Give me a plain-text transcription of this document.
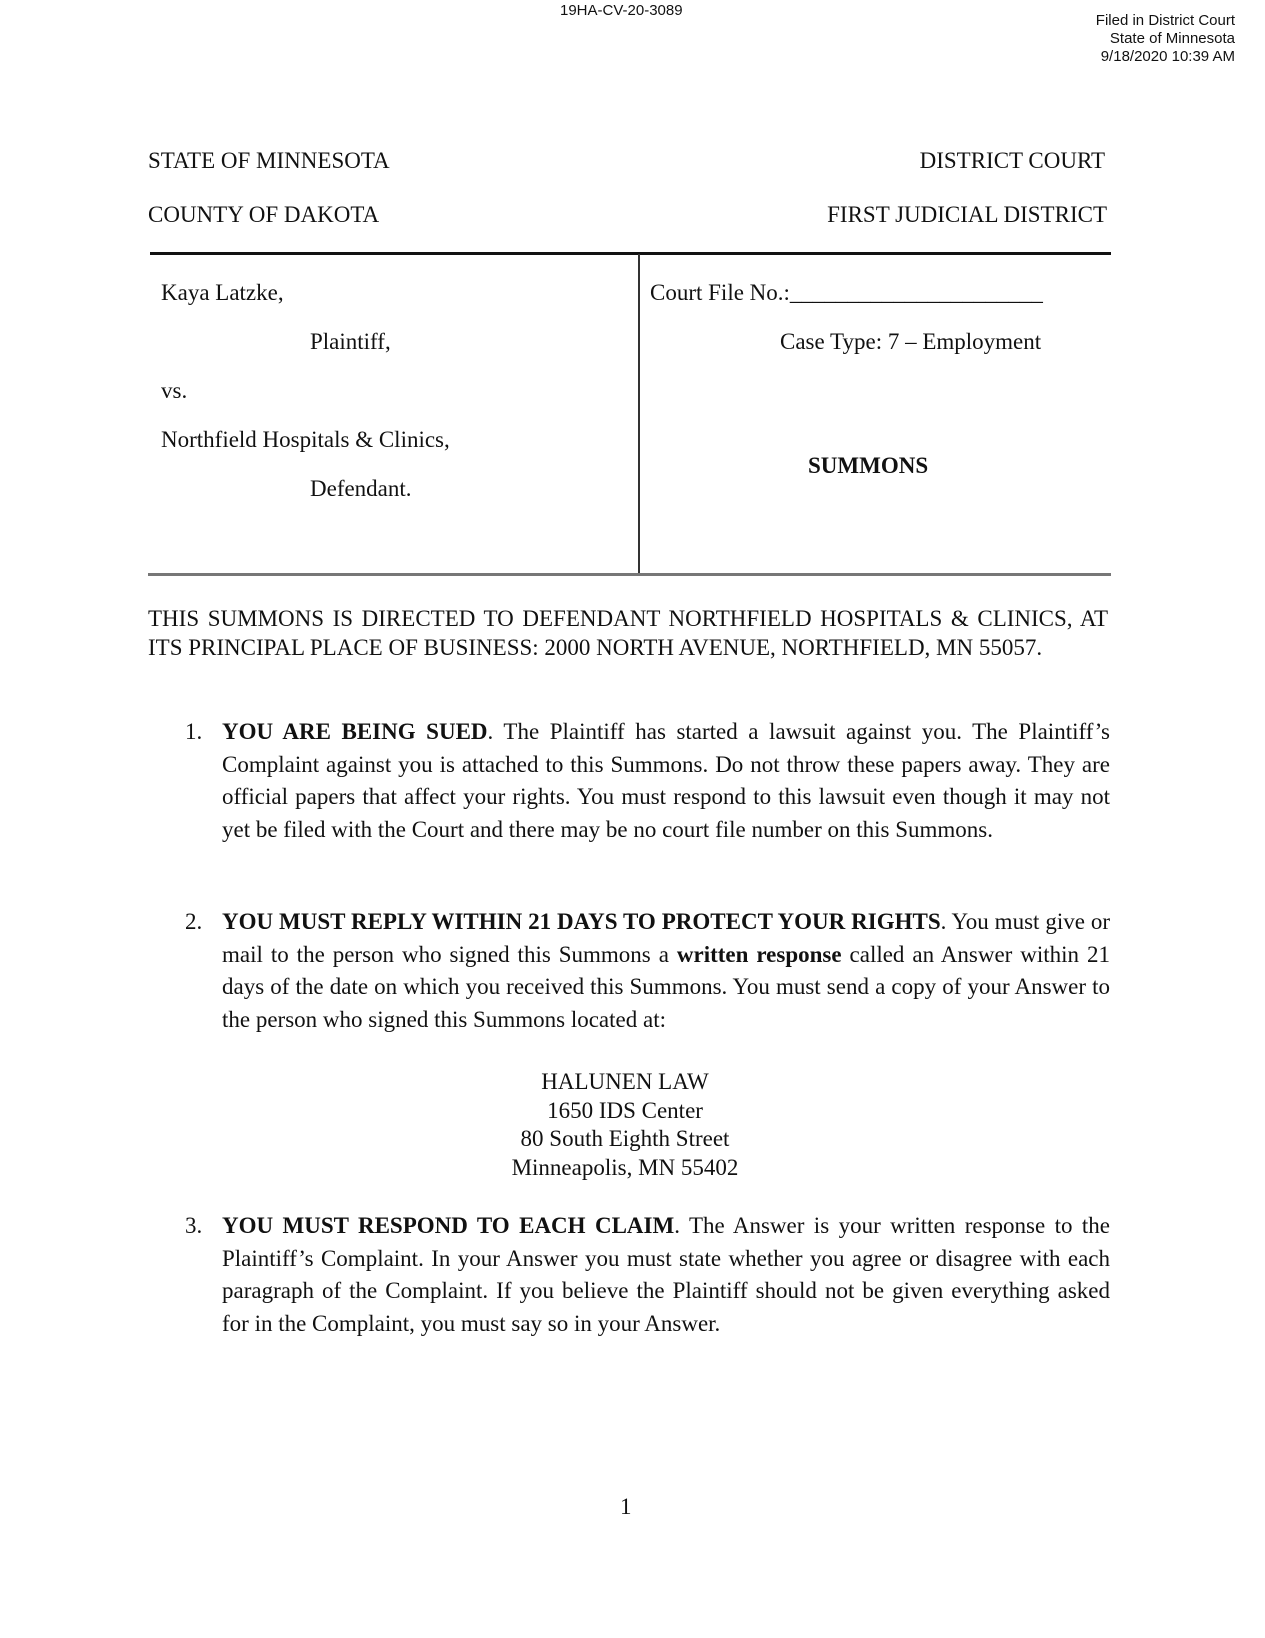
19HA-CV-20-3089
Filed in District Court
State of Minnesota
9/18/2020 10:39 AM
STATE OF MINNESOTA
COUNTY OF DAKOTA
DISTRICT COURT
FIRST JUDICIAL DISTRICT
Kaya Latzke,
Plaintiff,
vs.
Northfield Hospitals & Clinics,
Defendant.
Court File No.:______________________
Case Type: 7 – Employment
SUMMONS
THIS SUMMONS IS DIRECTED TO DEFENDANT NORTHFIELD HOSPITALS & CLINICS, AT ITS PRINCIPAL PLACE OF BUSINESS: 2000 NORTH AVENUE, NORTHFIELD, MN 55057.
1. YOU ARE BEING SUED. The Plaintiff has started a lawsuit against you. The Plaintiff’s Complaint against you is attached to this Summons. Do not throw these papers away. They are official papers that affect your rights. You must respond to this lawsuit even though it may not yet be filed with the Court and there may be no court file number on this Summons.
2. YOU MUST REPLY WITHIN 21 DAYS TO PROTECT YOUR RIGHTS. You must give or mail to the person who signed this Summons a written response called an Answer within 21 days of the date on which you received this Summons. You must send a copy of your Answer to the person who signed this Summons located at:
HALUNEN LAW
1650 IDS Center
80 South Eighth Street
Minneapolis, MN 55402
3. YOU MUST RESPOND TO EACH CLAIM. The Answer is your written response to the Plaintiff’s Complaint. In your Answer you must state whether you agree or disagree with each paragraph of the Complaint. If you believe the Plaintiff should not be given everything asked for in the Complaint, you must say so in your Answer.
1
